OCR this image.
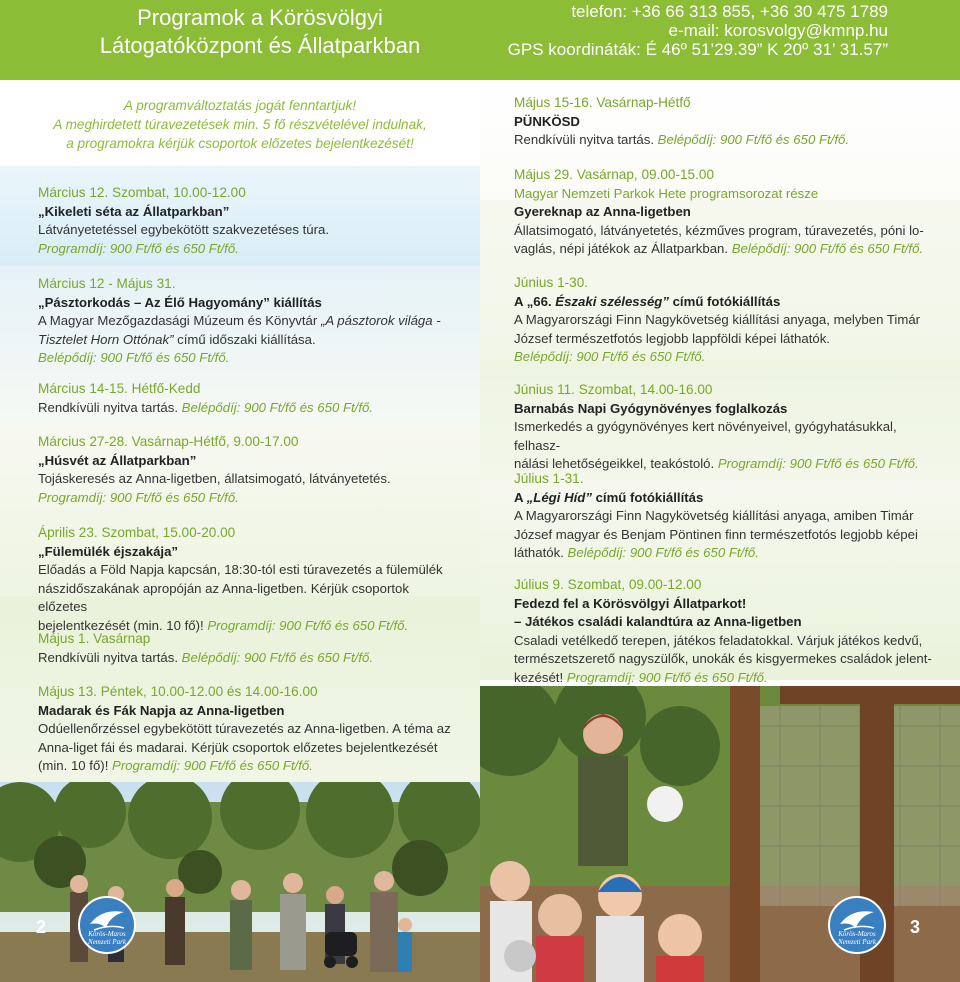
Programok a Körösvölgyi
Látogatóközpont és Állatparkban
telefon: +36 66 313 855, +36 30 475 1789
e-mail: korosvolgy@kmnp.hu
GPS koordináták: É 46º 51’29.39” K 20º 31’ 31.57”
A programváltoztatás jogát fenntartjuk!
A meghirdetett túravezetések min. 5 fő részvételével indulnak,
a programokra kérjük csoportok előzetes bejelentkezését!
Március 12. Szombat, 10.00-12.00
„Kikeleti séta az Állatparkban”
Látványetetéssel egybekötött szakvezetéses túra.
Programdíj: 900 Ft/fő és 650 Ft/fő.
Március 12 - Május 31.
„Pásztorkodás – Az Élő Hagyomány” kiállítás
A Magyar Mezőgazdasági Múzeum és Könyvtár „A pásztorok világa -
Tisztelet Horn Ottónak” című időszaki kiállítása.
Belépődíj: 900 Ft/fő és 650 Ft/fő.
Március 14-15. Hétfő-Kedd
Rendkívüli nyitva tartás. Belépődíj: 900 Ft/fő és 650 Ft/fő.
Március 27-28. Vasárnap-Hétfő, 9.00-17.00
„Húsvét az Állatparkban”
Tojáskeresés az Anna-ligetben, állatsimogató, látványetetés.
Programdíj: 900 Ft/fő és 650 Ft/fő.
Április 23. Szombat, 15.00-20.00
„Fülemülék éjszakája”
Előadás a Föld Napja kapcsán, 18:30-tól esti túravezetés a fülemülék
nászidőszakának apropóján az Anna-ligetben. Kérjük csoportok előzetes
bejelentkezését (min. 10 fő)! Programdíj: 900 Ft/fő és 650 Ft/fő.
Május 1. Vasárnap
Rendkívüli nyitva tartás. Belépődíj: 900 Ft/fő és 650 Ft/fő.
Május 13. Péntek, 10.00-12.00 és 14.00-16.00
Madarak és Fák Napja az Anna-ligetben
Odúellenőrzéssel egybekötött túravezetés az Anna-ligetben. A téma az
Anna-liget fái és madarai. Kérjük csoportok előzetes bejelentkezését
(min. 10 fő)! Programdíj: 900 Ft/fő és 650 Ft/fő.
Május 15-16. Vasárnap-Hétfő
PÜNKÖSD
Rendkívüli nyitva tartás. Belépődíj: 900 Ft/fő és 650 Ft/fő.
Május 29. Vasárnap, 09.00-15.00
Magyar Nemzeti Parkok Hete programsorozat része
Gyereknap az Anna-ligetben
Állatsimogató, látványetetés, kézműves program, túravezetés, póni lo-
vaglás, népi játékok az Állatparkban. Belépődíj: 900 Ft/fő és 650 Ft/fő.
Június 1-30.
A „66. Északi szélesség” című fotókiállítás
A Magyarországi Finn Nagykövetség kiállítási anyaga, melyben Timár
József természetfotós legjobb lappföldi képei láthatók.
Belépődíj: 900 Ft/fő és 650 Ft/fő.
Június 11. Szombat, 14.00-16.00
Barnabás Napi Gyógynövényes foglalkozás
Ismerkedés a gyógynövényes kert növényeivel, gyógyhatásukkal, felhasz-
nálási lehetőségeikkel, teakóstoló. Programdíj: 900 Ft/fő és 650 Ft/fő.
Július 1-31.
A „Légi Híd” című fotókiállítás
A Magyarországi Finn Nagykövetség kiállítási anyaga, amiben Timár
József magyar és Benjam Pöntinen finn természetfotós legjobb képei
láthatók. Belépődíj: 900 Ft/fő és 650 Ft/fő.
Július 9. Szombat, 09.00-12.00
Fedezd fel a Körösvölgyi Állatparkot!
– Játékos családi kalandtúra az Anna-ligetben
Csaladi vetélkedő terepen, játékos feladatokkal. Várjuk játékos kedvű,
természetszerető nagyszülők, unokák és kisgyermekes családok jelent-
kezését! Programdíj: 900 Ft/fő és 650 Ft/fő.
2	3
Körös-Maros
Nemzeti Park
Körös-Maros
Nemzeti Park
